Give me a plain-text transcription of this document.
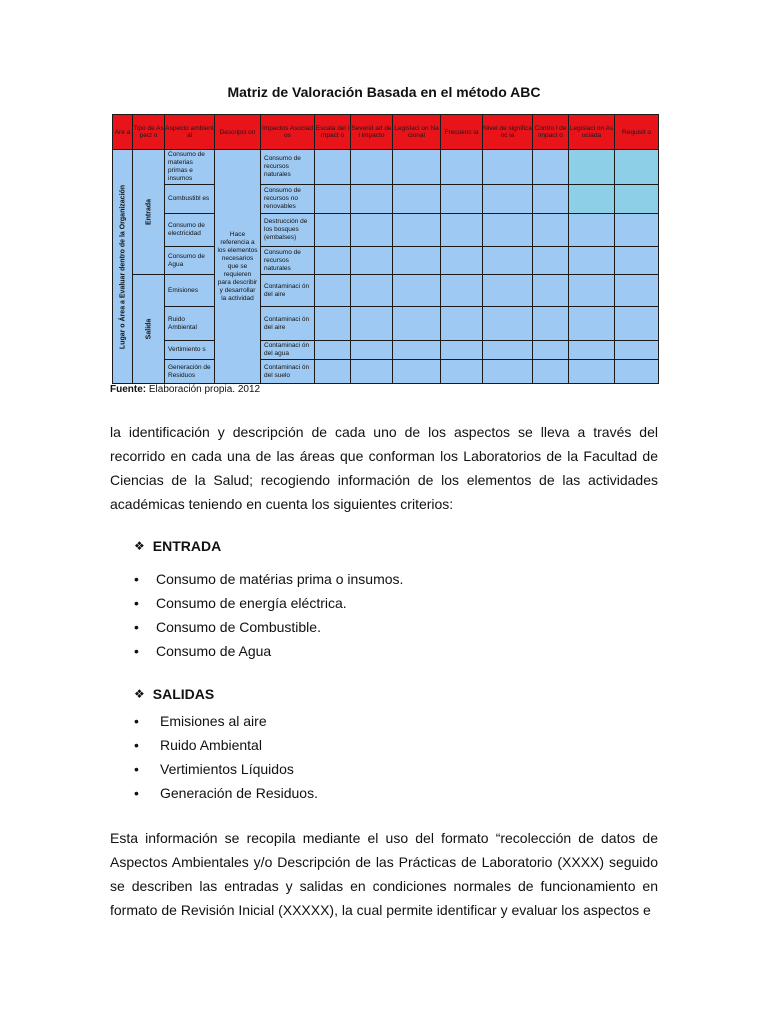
Matriz de Valoración Basada en el método ABC
Are a	Tipo de Aspect o	Aspecto ambiental	Descripci on	Impactos Asociados	Escala del impact o	Severid ad del impacto	Legislaci on Nacional	Frecuenc ia	Nivel de significanc ia	Contro l de impact o	Legislaci on Asociada	Requisit o

Lugar o Área a Evaluar dentro de la Organización	Entrada	Consumo de materias primas e insumos	Hace referencia a los elementos necesarios que se requieren para describir y desarrollar la actividad	Consumo de recursos naturales								
		Combustibl es		Consumo de recursos no renovables								
		Consumo de electricidad		Destrucción de los bosques (embalses)								
		Consumo de Agua		Consumo de recursos naturales								

	Salida	Emisiones		Contaminaci ón del aire								
		Ruido Ambiental		Contaminaci ón del aire								
		Vertimiento s		Contaminaci ón del agua								
		Generación de Residuos		Contaminaci ón del suelo								
Fuente: Elaboración propia. 2012

la identificación y descripción de cada uno de los aspectos se lleva a través del recorrido en cada una de las áreas que conforman los Laboratorios de la Facultad de Ciencias de la Salud; recogiendo información de los elementos de las actividades académicas teniendo en cuenta los siguientes criterios:

❖ ENTRADA
• Consumo de matérias prima o insumos.
• Consumo de energía eléctrica.
• Consumo de Combustible.
• Consumo de Agua
❖ SALIDAS
• Emisiones al aire
• Ruido Ambiental
• Vertimientos Líquidos
• Generación de Residuos.

Esta información se recopila mediante el uso del formato “recolección de datos de Aspectos Ambientales y/o Descripción de las Prácticas de Laboratorio (XXXX) seguido se describen las entradas y salidas en condiciones normales de funcionamiento en formato de Revisión Inicial (XXXXX), la cual permite identificar y evaluar los aspectos e
